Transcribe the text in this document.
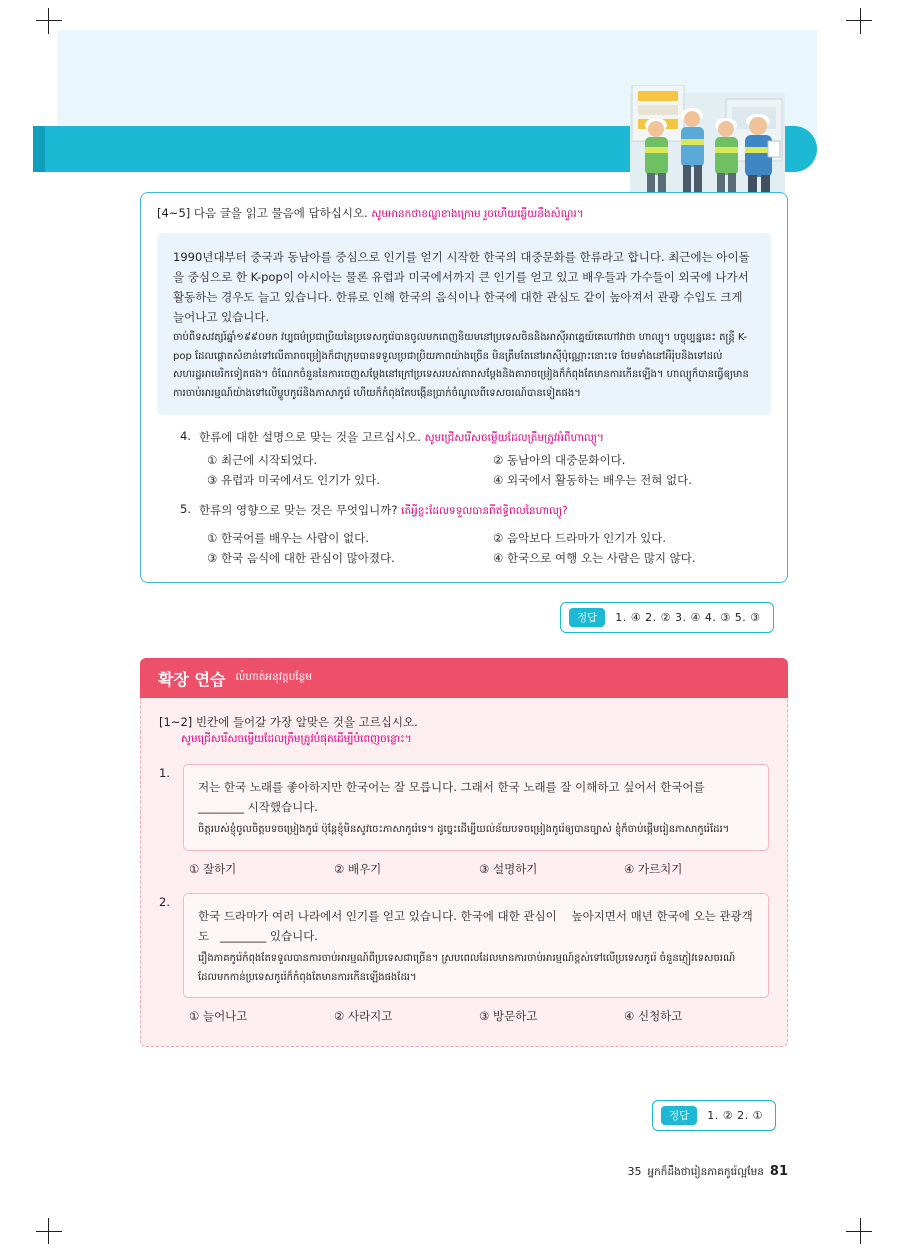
[4~5] 다음 글을 읽고 물음에 답하십시오. សូមអានកថាខណ្ឌខាងក្រោម រួចហើយឆ្លើយនឹងសំណួរ។
1990년대부터 중국과 동남아를 중심으로 인기를 얻기 시작한 한국의 대중문화를 한류라고 합니다. 최근에는 아이돌을 중심으로 한 K-pop이 아시아는 물론 유럽과 미국에서까지 큰 인기를 얻고 있고 배우들과 가수들이 외국에 나가서 활동하는 경우도 늘고 있습니다. 한류로 인해 한국의 음식이나 한국에 대한 관심도 같이 높아져서 관광 수입도 크게 늘어나고 있습니다.
ចាប់ពីទសវត្សរ៍ឆ្នាំ១៩៩០មក វប្បធម៌ប្រជាប្រិយនៃប្រទេសកូរ៉េបានចូលមកពេញនិយមនៅប្រទេសចិននិងអាស៊ីអាគ្នេយ៍គេហៅវាថា ហាល្យូ។ បច្ចុប្បន្ននេះ តន្ត្រី K-pop ដែលផ្ដោតសំខាន់ទៅលើតារាចម្រៀងក៏ជាក្រុមបានទទួលប្រជាប្រិយភាពយ៉ាងច្រើន មិនត្រឹមតែនៅអាស៊ីប៉ុណ្ណោះនោះទេ ថែមទាំងនៅអឺរ៉ុបនិងទៅដល់សហរដ្ឋអាមេរិកទៀតផង។ ចំណែកចំនួននៃការចេញសម្ដែងនៅក្រៅប្រទេសរបស់តារាសម្ដែងនិងតារាចម្រៀងក៏កំពុងតែមានការកើនឡើង។ ហាល្យូក៏បានធ្វើឲ្យមានការចាប់អារម្មណ៍យ៉ាងទៅលើម្ហូបកូរ៉េនិងភាសាកូរ៉េ ហើយក៏កំពុងតែបង្កើនប្រាក់ចំណូលពីទេសចរណ៍បានទៀតផង។
4. 한류에 대한 설명으로 맞는 것을 고르십시오. សូមជ្រើសរើសចម្លើយដែលត្រឹមត្រូវអំពីហាល្យូ។
① 최근에 시작되었다.	② 동남아의 대중문화이다.
③ 유럽과 미국에서도 인기가 있다.	④ 외국에서 활동하는 배우는 전혀 없다.
5. 한류의 영향으로 맞는 것은 무엇입니까? តើអ្វីខ្លះដែលទទួលបានពីឥទ្ធិពលនៃហាល្យូ?
① 한국어를 배우는 사람이 없다.	② 음악보다 드라마가 인기가 있다.
③ 한국 음식에 대한 관심이 많아졌다.	④ 한국으로 여행 오는 사람은 많지 않다.
정답	1. ④ 2. ② 3. ④ 4. ③ 5. ③
확장 연습 លំហាត់អនុវត្តបន្ថែម
[1~2] 빈칸에 들어갈 가장 알맞은 것을 고르십시오.
សូមជ្រើសរើសចម្លើយដែលត្រឹមត្រូវបំផុតដើម្បីបំពេញចន្លោះ។
1.
저는 한국 노래를 좋아하지만 한국어는 잘 모릅니다. 그래서 한국 노래를 잘 이해하고 싶어서 한국어를ᅠ________ 시작했습니다.
ចិត្តរបស់ខ្ញុំចូលចិត្តបទចម្រៀងកូរ៉េ ប៉ុន្តែខ្ញុំមិនសូវចេះភាសាកូរ៉េទេ។ ដូច្នេះដើម្បីយល់ន័យបទចម្រៀងកូរ៉េឲ្យបានច្បាស់ ខ្ញុំក៏ចាប់ផ្ដើមរៀនភាសាកូរ៉េដែរ។
① 잘하기	② 배우기	③ 설명하기	④ 가르치기
2.
한국 드라마가 여러 나라에서 인기를 얻고 있습니다. 한국에 대한 관심이ᅠ 높아지면서 매년 한국에 오는 관광객도ᅠ________ 있습니다.
រឿងភាគកូរ៉េកំពុងតែទទួលបានការចាប់អារម្មណ៍ពីប្រទេសជាច្រើន។ ស្របពេលដែលមានការចាប់អារម្មណ៍ខ្ពស់ទៅលើប្រទេសកូរ៉េ ចំនួនភ្ញៀវទេសចរណ៍ដែលមកកាន់ប្រទេសកូរ៉េក៏កំពុងតែមានការកើនឡើងផងដែរ។
① 늘어나고	② 사라지고	③ 방문하고	④ 신청하고
정답	1. ② 2. ①
35 អ្នកក៏ដឹងថារៀនភាគកូរ៉េល្អមែន 81
